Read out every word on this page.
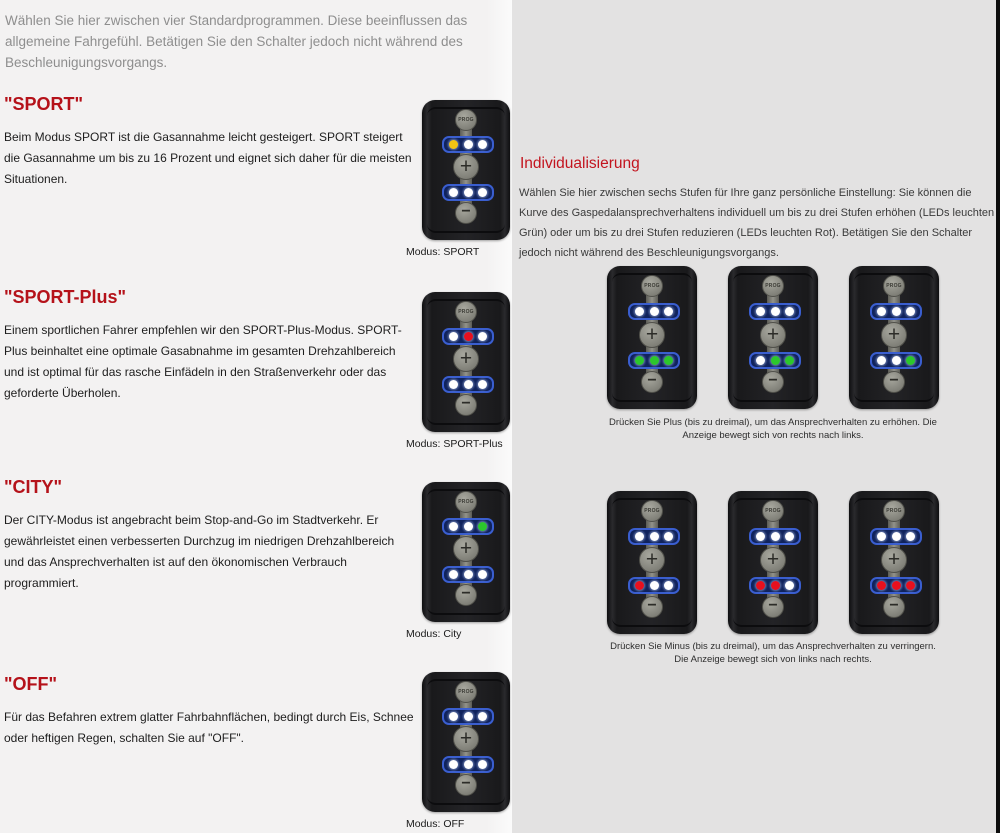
Wählen Sie hier zwischen vier Standardprogrammen. Diese beeinflussen das allgemeine Fahrgefühl. Betätigen Sie den Schalter jedoch nicht während des Beschleunigungsvorgangs.

"SPORT"

Beim Modus SPORT ist die Gasannahme leicht gesteigert. SPORT steigert die Gasannahme um bis zu 16 Prozent und eignet sich daher für die meisten Situationen.

PROG
+
−
Modus: SPORT
"SPORT-Plus"

Einem sportlichen Fahrer empfehlen wir den SPORT-Plus-Modus. SPORT-Plus beinhaltet eine optimale Gasabnahme im gesamten Drehzahlbereich und ist optimal für das rasche Einfädeln in den Straßenverkehr oder das geforderte Überholen.

PROG
+
−
Modus: SPORT-Plus
"CITY"

Der CITY-Modus ist angebracht beim Stop-and-Go im Stadtverkehr. Er gewährleistet einen verbesserten Durchzug im niedrigen Drehzahlbereich und das Ansprechverhalten ist auf den ökonomischen Verbrauch programmiert.

PROG
+
−
Modus: City
"OFF"

Für das Befahren extrem glatter Fahrbahnflächen, bedingt durch Eis, Schnee oder heftigen Regen, schalten Sie auf "OFF".

PROG
+
−
Modus: OFF
Individualisierung

Wählen Sie hier zwischen sechs Stufen für Ihre ganz persönliche Einstellung: Sie können die Kurve des Gaspedalansprechverhaltens individuell um bis zu drei Stufen erhöhen (LEDs leuchten Grün) oder um bis zu drei Stufen reduzieren (LEDs leuchten Rot). Betätigen Sie den Schalter jedoch nicht während des Beschleunigungsvorgangs.

PROG
+
−
PROG
+
−
PROG
+
−

Drücken Sie Plus (bis zu dreimal), um das Ansprechverhalten zu erhöhen. Die Anzeige bewegt sich von rechts nach links.

PROG
+
−
PROG
+
−
PROG
+
−

Drücken Sie Minus (bis zu dreimal), um das Ansprechverhalten zu verringern. Die Anzeige bewegt sich von links nach rechts.
